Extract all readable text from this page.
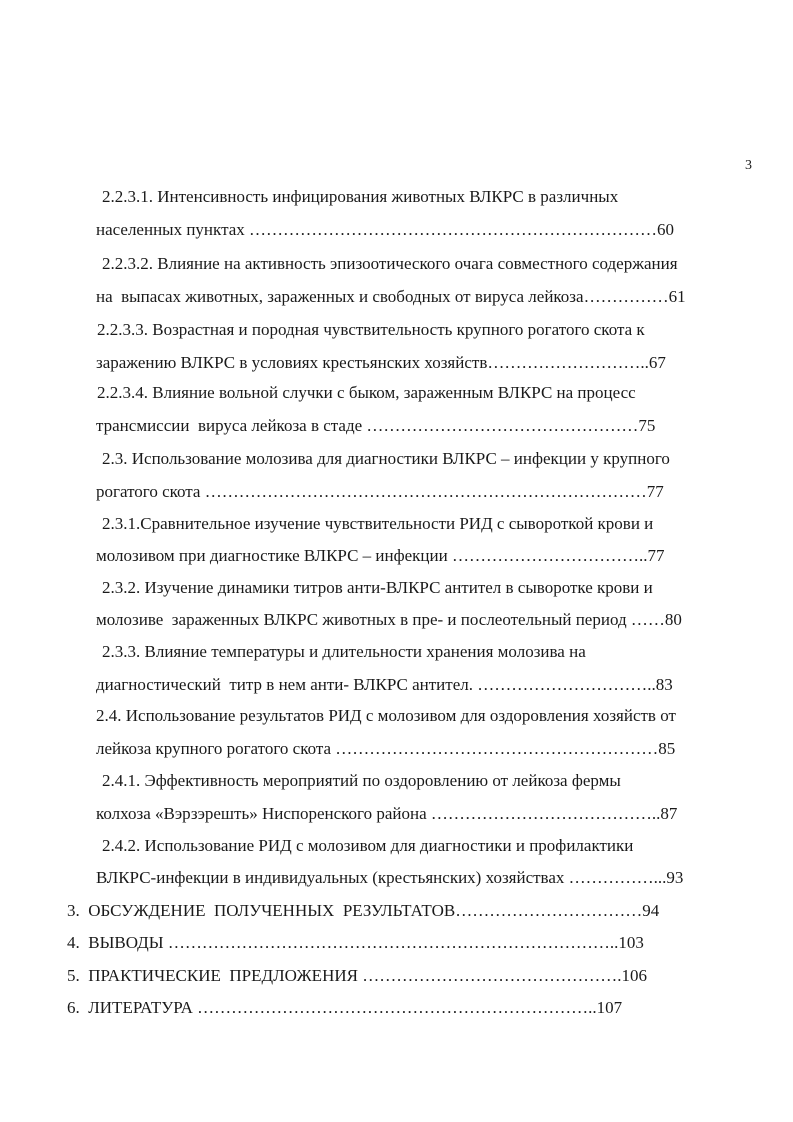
3
2.2.3.1. Интенсивность инфицирования животных ВЛКРС в различных
населенных пунктах ………………………………………………………………60
2.2.3.2. Влияние на активность эпизоотического очага совместного содержания
на  выпасах животных, зараженных и свободных от вируса лейкоза……………61
2.2.3.3. Возрастная и породная чувствительность крупного рогатого скота к
заражению ВЛКРС в условиях крестьянских хозяйств………………………..67
2.2.3.4. Влияние вольной случки с быком, зараженным ВЛКРС на процесс
трансмиссии  вируса лейкоза в стаде …………………………………………75
2.3. Использование молозива для диагностики ВЛКРС – инфекции у крупного
рогатого скота ……………………………………………………………………77
2.3.1.Сравнительное изучение чувствительности РИД с сывороткой крови и
молозивом при диагностике ВЛКРС – инфекции ……………………………..77
2.3.2. Изучение динамики титров анти-ВЛКРС антител в сыворотке крови и
молозиве  зараженных ВЛКРС животных в пре- и послеотельный период ……80
2.3.3. Влияние температуры и длительности хранения молозива на
диагностический  титр в нем анти- ВЛКРС антител. …………………………..83
2.4. Использование результатов РИД с молозивом для оздоровления хозяйств от
лейкоза крупного рогатого скота …………………………………………………85
2.4.1. Эффективность мероприятий по оздоровлению от лейкоза фермы
колхоза «Вэрзэрешть» Ниспоренского района …………………………………..87
2.4.2. Использование РИД с молозивом для диагностики и профилактики
ВЛКРС-инфекции в индивидуальных (крестьянских) хозяйствах ……………...93
3.  ОБСУЖДЕНИЕ  ПОЛУЧЕННЫХ  РЕЗУЛЬТАТОВ……………………………94
4.  ВЫВОДЫ ……………………………………………………………………..103
5.  ПРАКТИЧЕСКИЕ  ПРЕДЛОЖЕНИЯ ……………………………………….106
6.  ЛИТЕРАТУРА ……………………………………………………………..107
